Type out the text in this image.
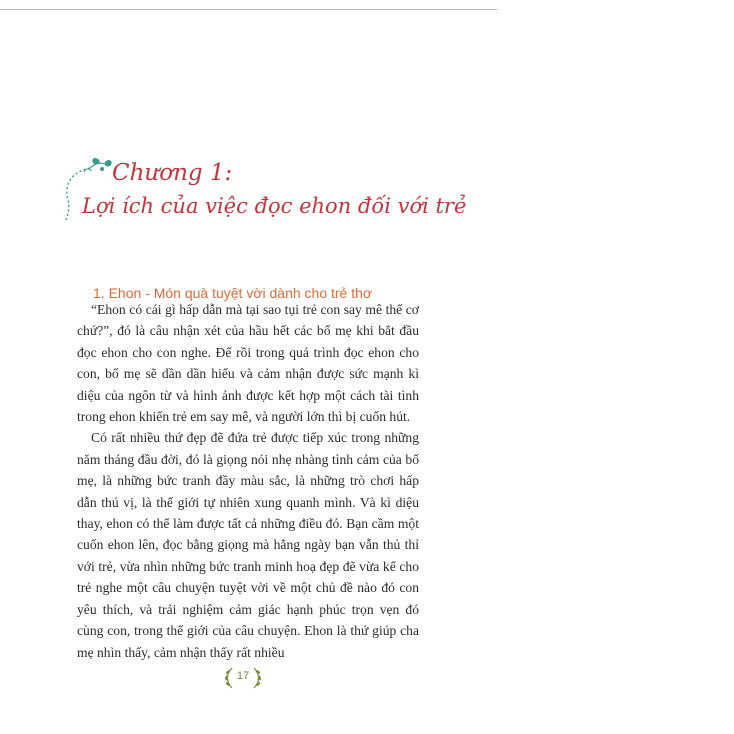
Chương 1:
Lợi ích của việc đọc ehon đối với trẻ
1. Ehon - Món quà tuyệt vời dành cho trẻ thơ

“Ehon có cái gì hấp dẫn mà tại sao tụi trẻ con say mê thế cơ chứ?”, đó là câu nhận xét của hầu hết các bố mẹ khi bắt đầu đọc ehon cho con nghe. Để rồi trong quá trình đọc ehon cho con, bố mẹ sẽ dần dần hiểu và cảm nhận được sức mạnh kì diệu của ngôn từ và hình ảnh được kết hợp một cách tài tình trong ehon khiến trẻ em say mê, và người lớn thì bị cuốn hút.

Có rất nhiều thứ đẹp đẽ đứa trẻ được tiếp xúc trong những năm tháng đầu đời, đó là giọng nói nhẹ nhàng tình cảm của bố mẹ, là những bức tranh đầy màu sắc, là những trò chơi hấp dẫn thú vị, là thế giới tự nhiên xung quanh mình. Và kì diệu thay, ehon có thể làm được tất cả những điều đó. Bạn cầm một cuốn ehon lên, đọc bằng giọng mà hằng ngày bạn vẫn thủ thỉ với trẻ, vừa nhìn những bức tranh minh hoạ đẹp đẽ vừa kể cho trẻ nghe một câu chuyện tuyệt vời về một chủ đề nào đó con yêu thích, và trải nghiệm cảm giác hạnh phúc trọn vẹn đó cùng con, trong thế giới của câu chuyện. Ehon là thứ giúp cha mẹ nhìn thấy, cảm nhận thấy rất nhiều

17
